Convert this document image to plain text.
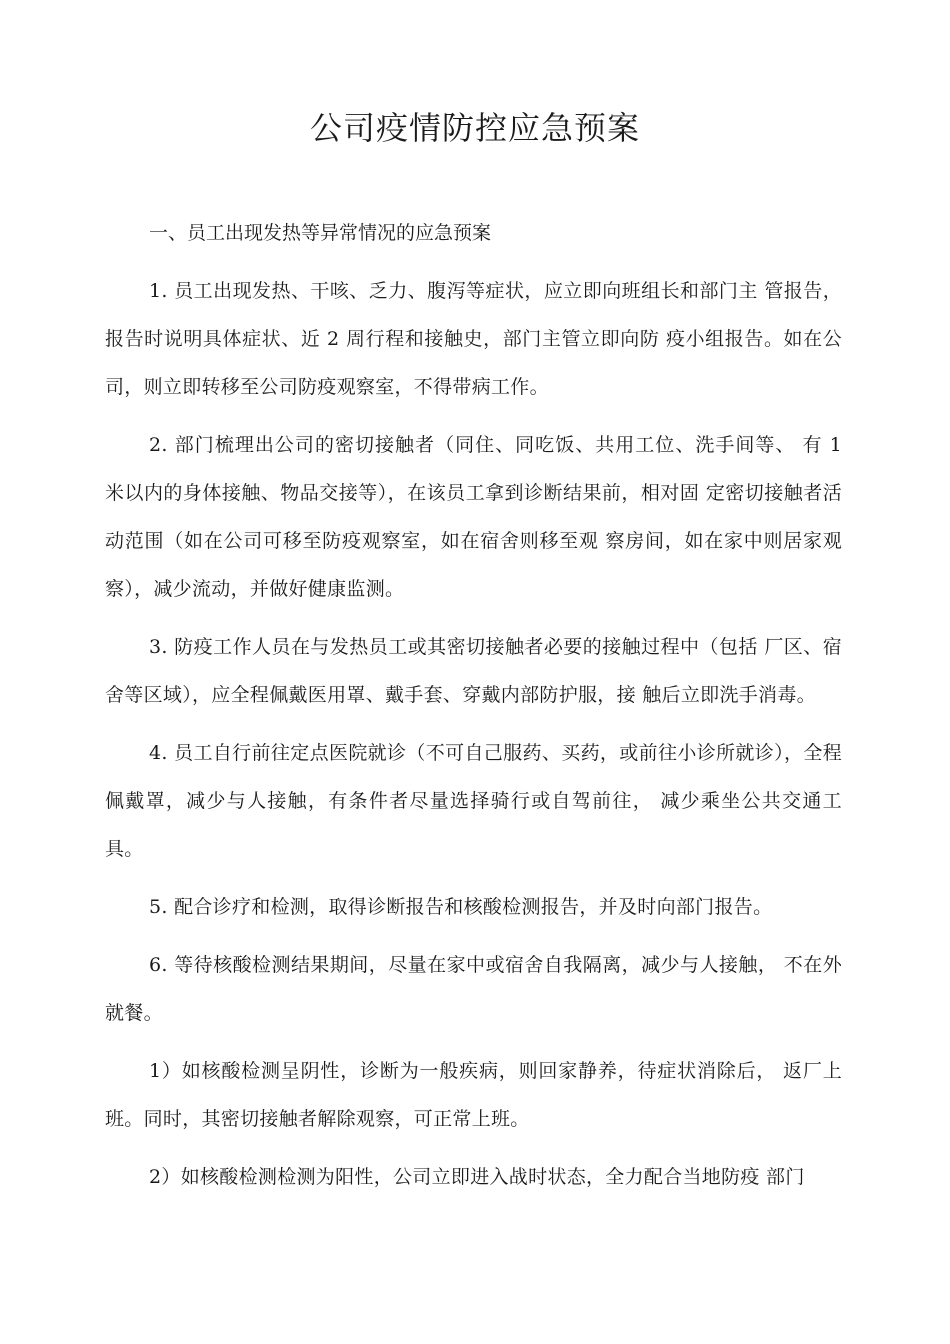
公司疫情防控应急预案

一、员工出现发热等异常情况的应急预案

1. 员工出现发热、干咳、乏力、腹泻等症状，应立即向班组长和部门主 管报告，报告时说明具体症状、近 2 周行程和接触史，部门主管立即向防 疫小组报告。如在公司，则立即转移至公司防疫观察室，不得带病工作。

2. 部门梳理出公司的密切接触者（同住、同吃饭、共用工位、洗手间等、 有 1 米以内的身体接触、物品交接等），在该员工拿到诊断结果前，相对固 定密切接触者活动范围（如在公司可移至防疫观察室，如在宿舍则移至观 察房间，如在家中则居家观察），减少流动，并做好健康监测。

3. 防疫工作人员在与发热员工或其密切接触者必要的接触过程中（包括 厂区、宿舍等区域），应全程佩戴医用罩、戴手套、穿戴内部防护服，接 触后立即洗手消毒。

4. 员工自行前往定点医院就诊（不可自己服药、买药，或前往小诊所就诊），全程佩戴罩，减少与人接触，有条件者尽量选择骑行或自驾前往， 减少乘坐公共交通工具。

5. 配合诊疗和检测，取得诊断报告和核酸检测报告，并及时向部门报告。

6. 等待核酸检测结果期间，尽量在家中或宿舍自我隔离，减少与人接触， 不在外就餐。

1）如核酸检测呈阴性，诊断为一般疾病，则回家静养，待症状消除后， 返厂上班。同时，其密切接触者解除观察，可正常上班。

2）如核酸检测检测为阳性，公司立即进入战时状态，全力配合当地防疫 部门
